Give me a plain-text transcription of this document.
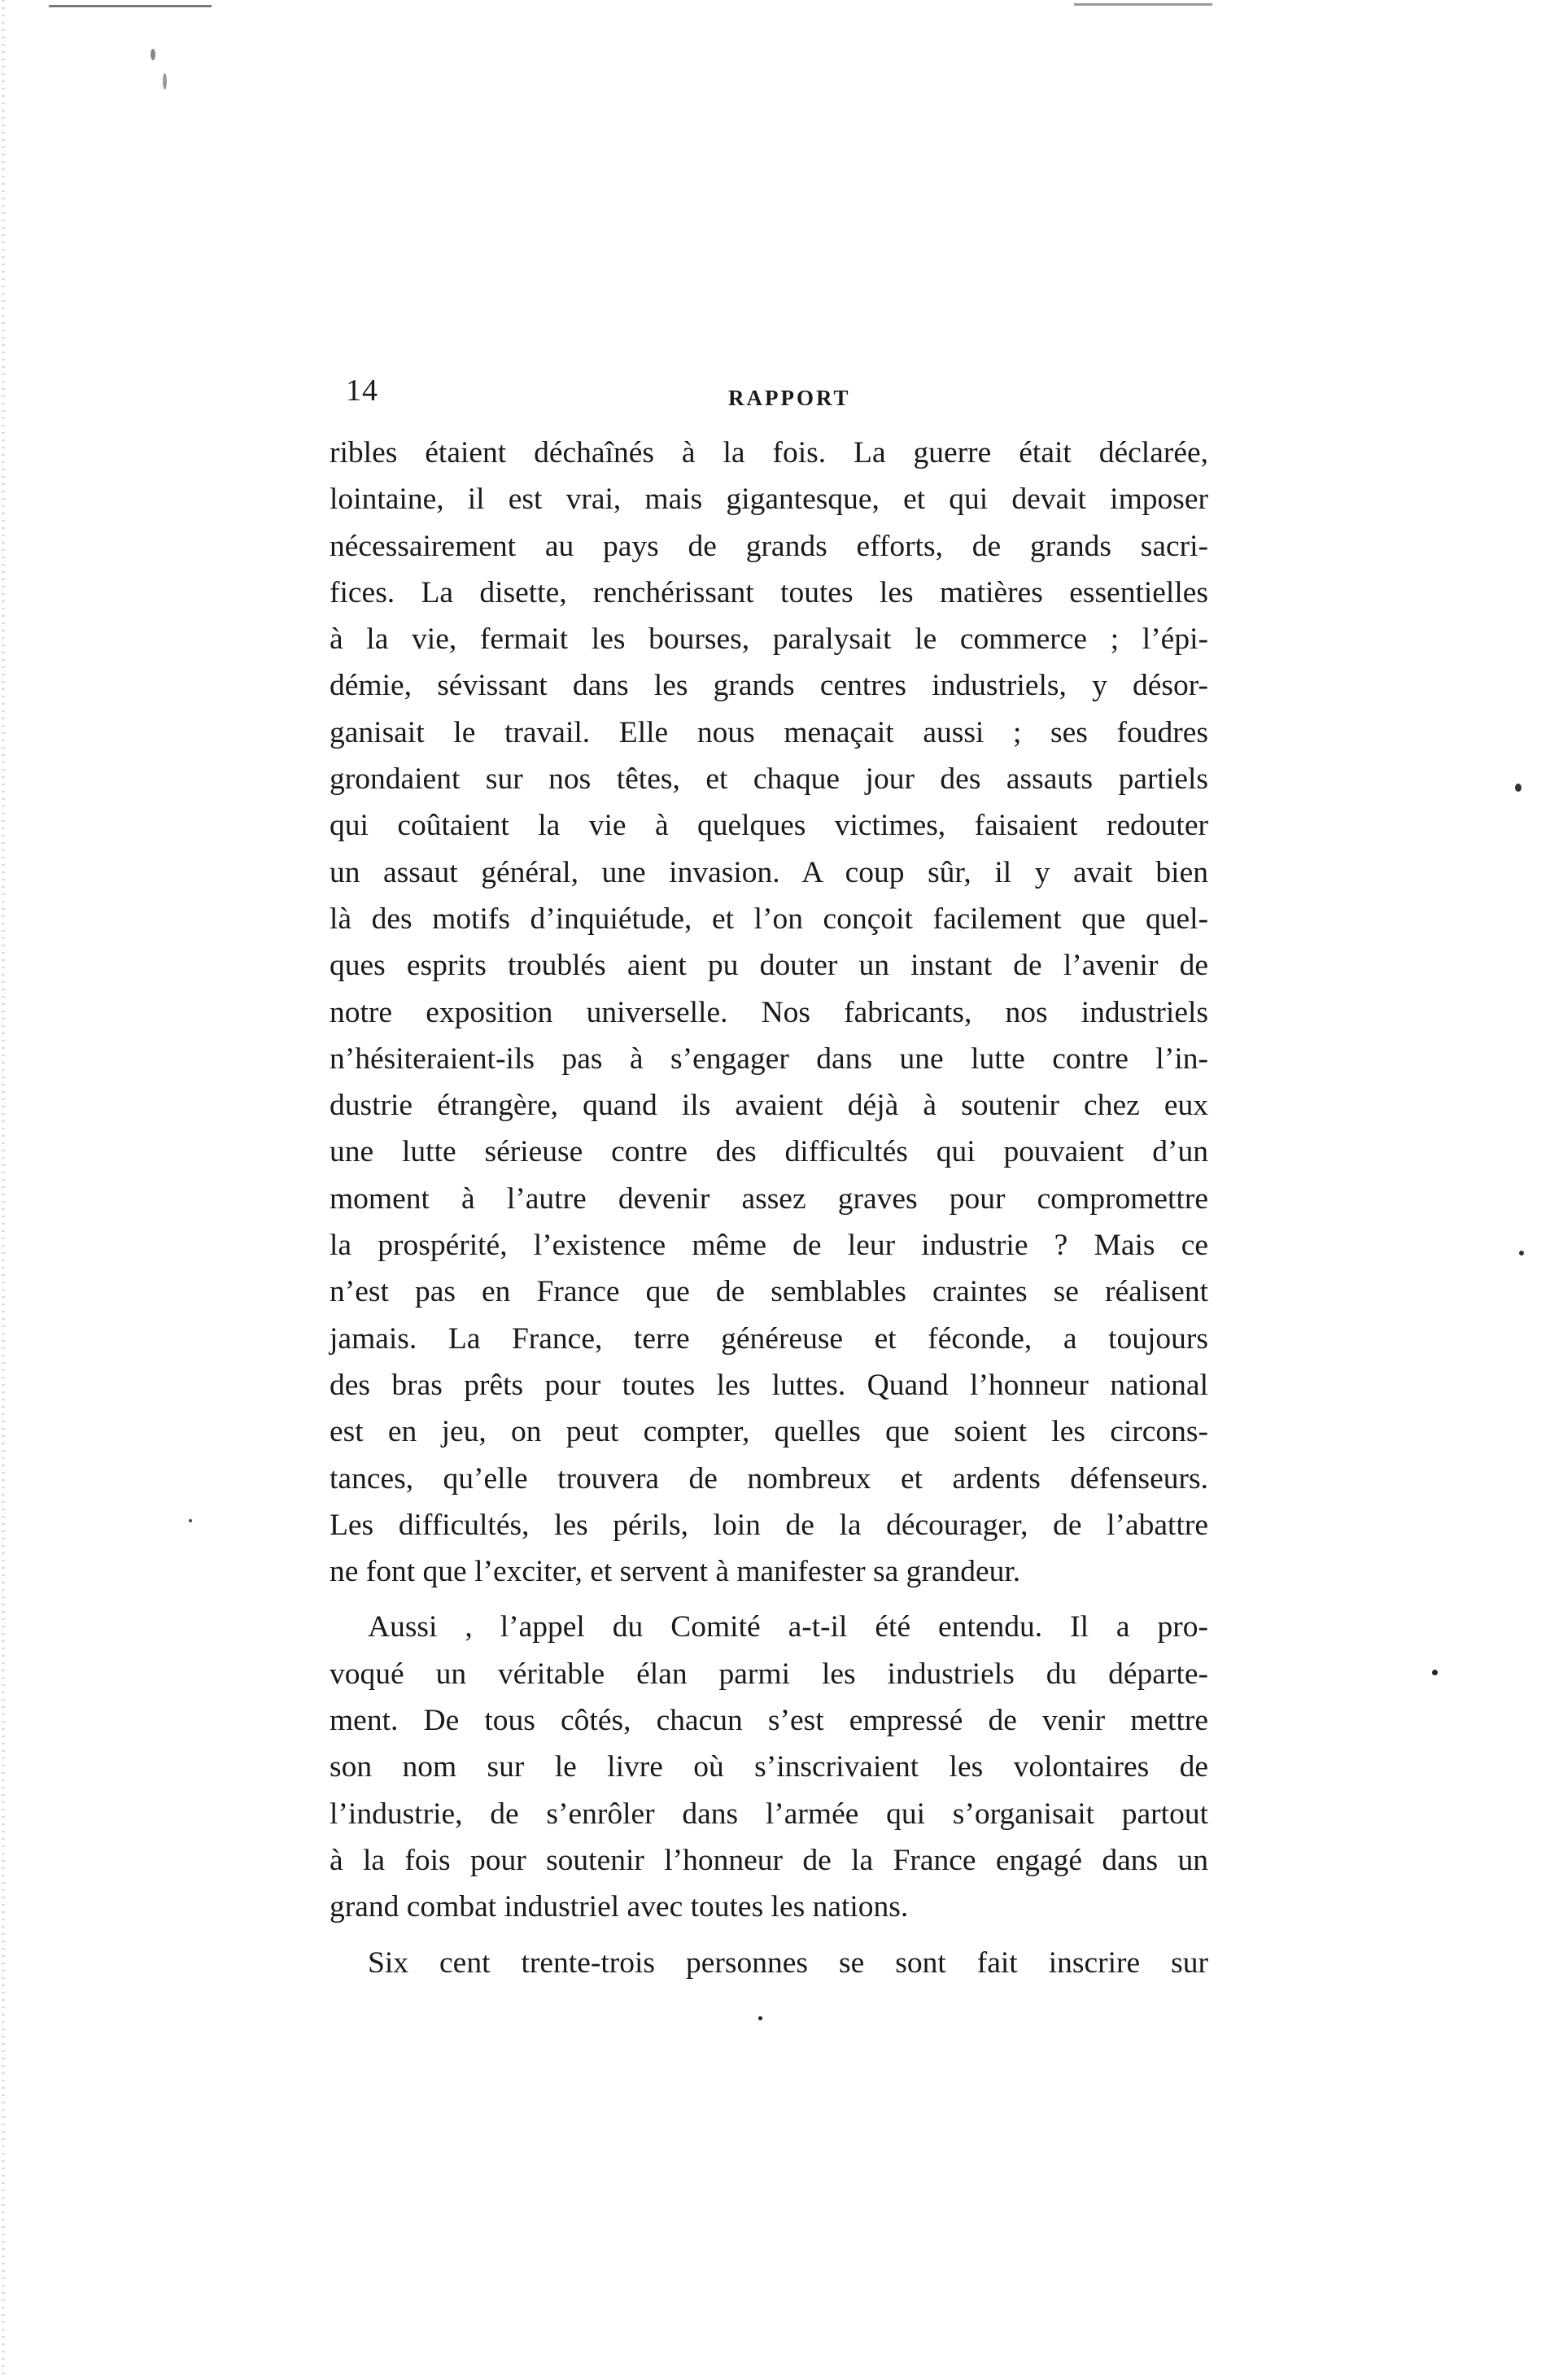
14	RAPPORT
ribles étaient déchaînés à la fois. La guerre était déclarée,
lointaine, il est vrai, mais gigantesque, et qui devait imposer
nécessairement au pays de grands efforts, de grands sacri-
fices. La disette, renchérissant toutes les matières essentielles
à la vie, fermait les bourses, paralysait le commerce ; l’épi-
démie, sévissant dans les grands centres industriels, y désor-
ganisait le travail. Elle nous menaçait aussi ; ses foudres
grondaient sur nos têtes, et chaque jour des assauts partiels
qui coûtaient la vie à quelques victimes, faisaient redouter
un assaut général, une invasion. A coup sûr, il y avait bien
là des motifs d’inquiétude, et l’on conçoit facilement que quel-
ques esprits troublés aient pu douter un instant de l’avenir de
notre exposition universelle. Nos fabricants, nos industriels
n’hésiteraient-ils pas à s’engager dans une lutte contre l’in-
dustrie étrangère, quand ils avaient déjà à soutenir chez eux
une lutte sérieuse contre des difficultés qui pouvaient d’un
moment à l’autre devenir assez graves pour compromettre
la prospérité, l’existence même de leur industrie ? Mais ce
n’est pas en France que de semblables craintes se réalisent
jamais. La France, terre généreuse et féconde, a toujours
des bras prêts pour toutes les luttes. Quand l’honneur national
est en jeu, on peut compter, quelles que soient les circons-
tances, qu’elle trouvera de nombreux et ardents défenseurs.
Les difficultés, les périls, loin de la décourager, de l’abattre
ne font que l’exciter, et servent à manifester sa grandeur.
Aussi , l’appel du Comité a-t-il été entendu. Il a pro-
voqué un véritable élan parmi les industriels du départe-
ment. De tous côtés, chacun s’est empressé de venir mettre
son nom sur le livre où s’inscrivaient les volontaires de
l’industrie, de s’enrôler dans l’armée qui s’organisait partout
à la fois pour soutenir l’honneur de la France engagé dans un
grand combat industriel avec toutes les nations.
Six cent trente-trois personnes se sont fait inscrire sur
